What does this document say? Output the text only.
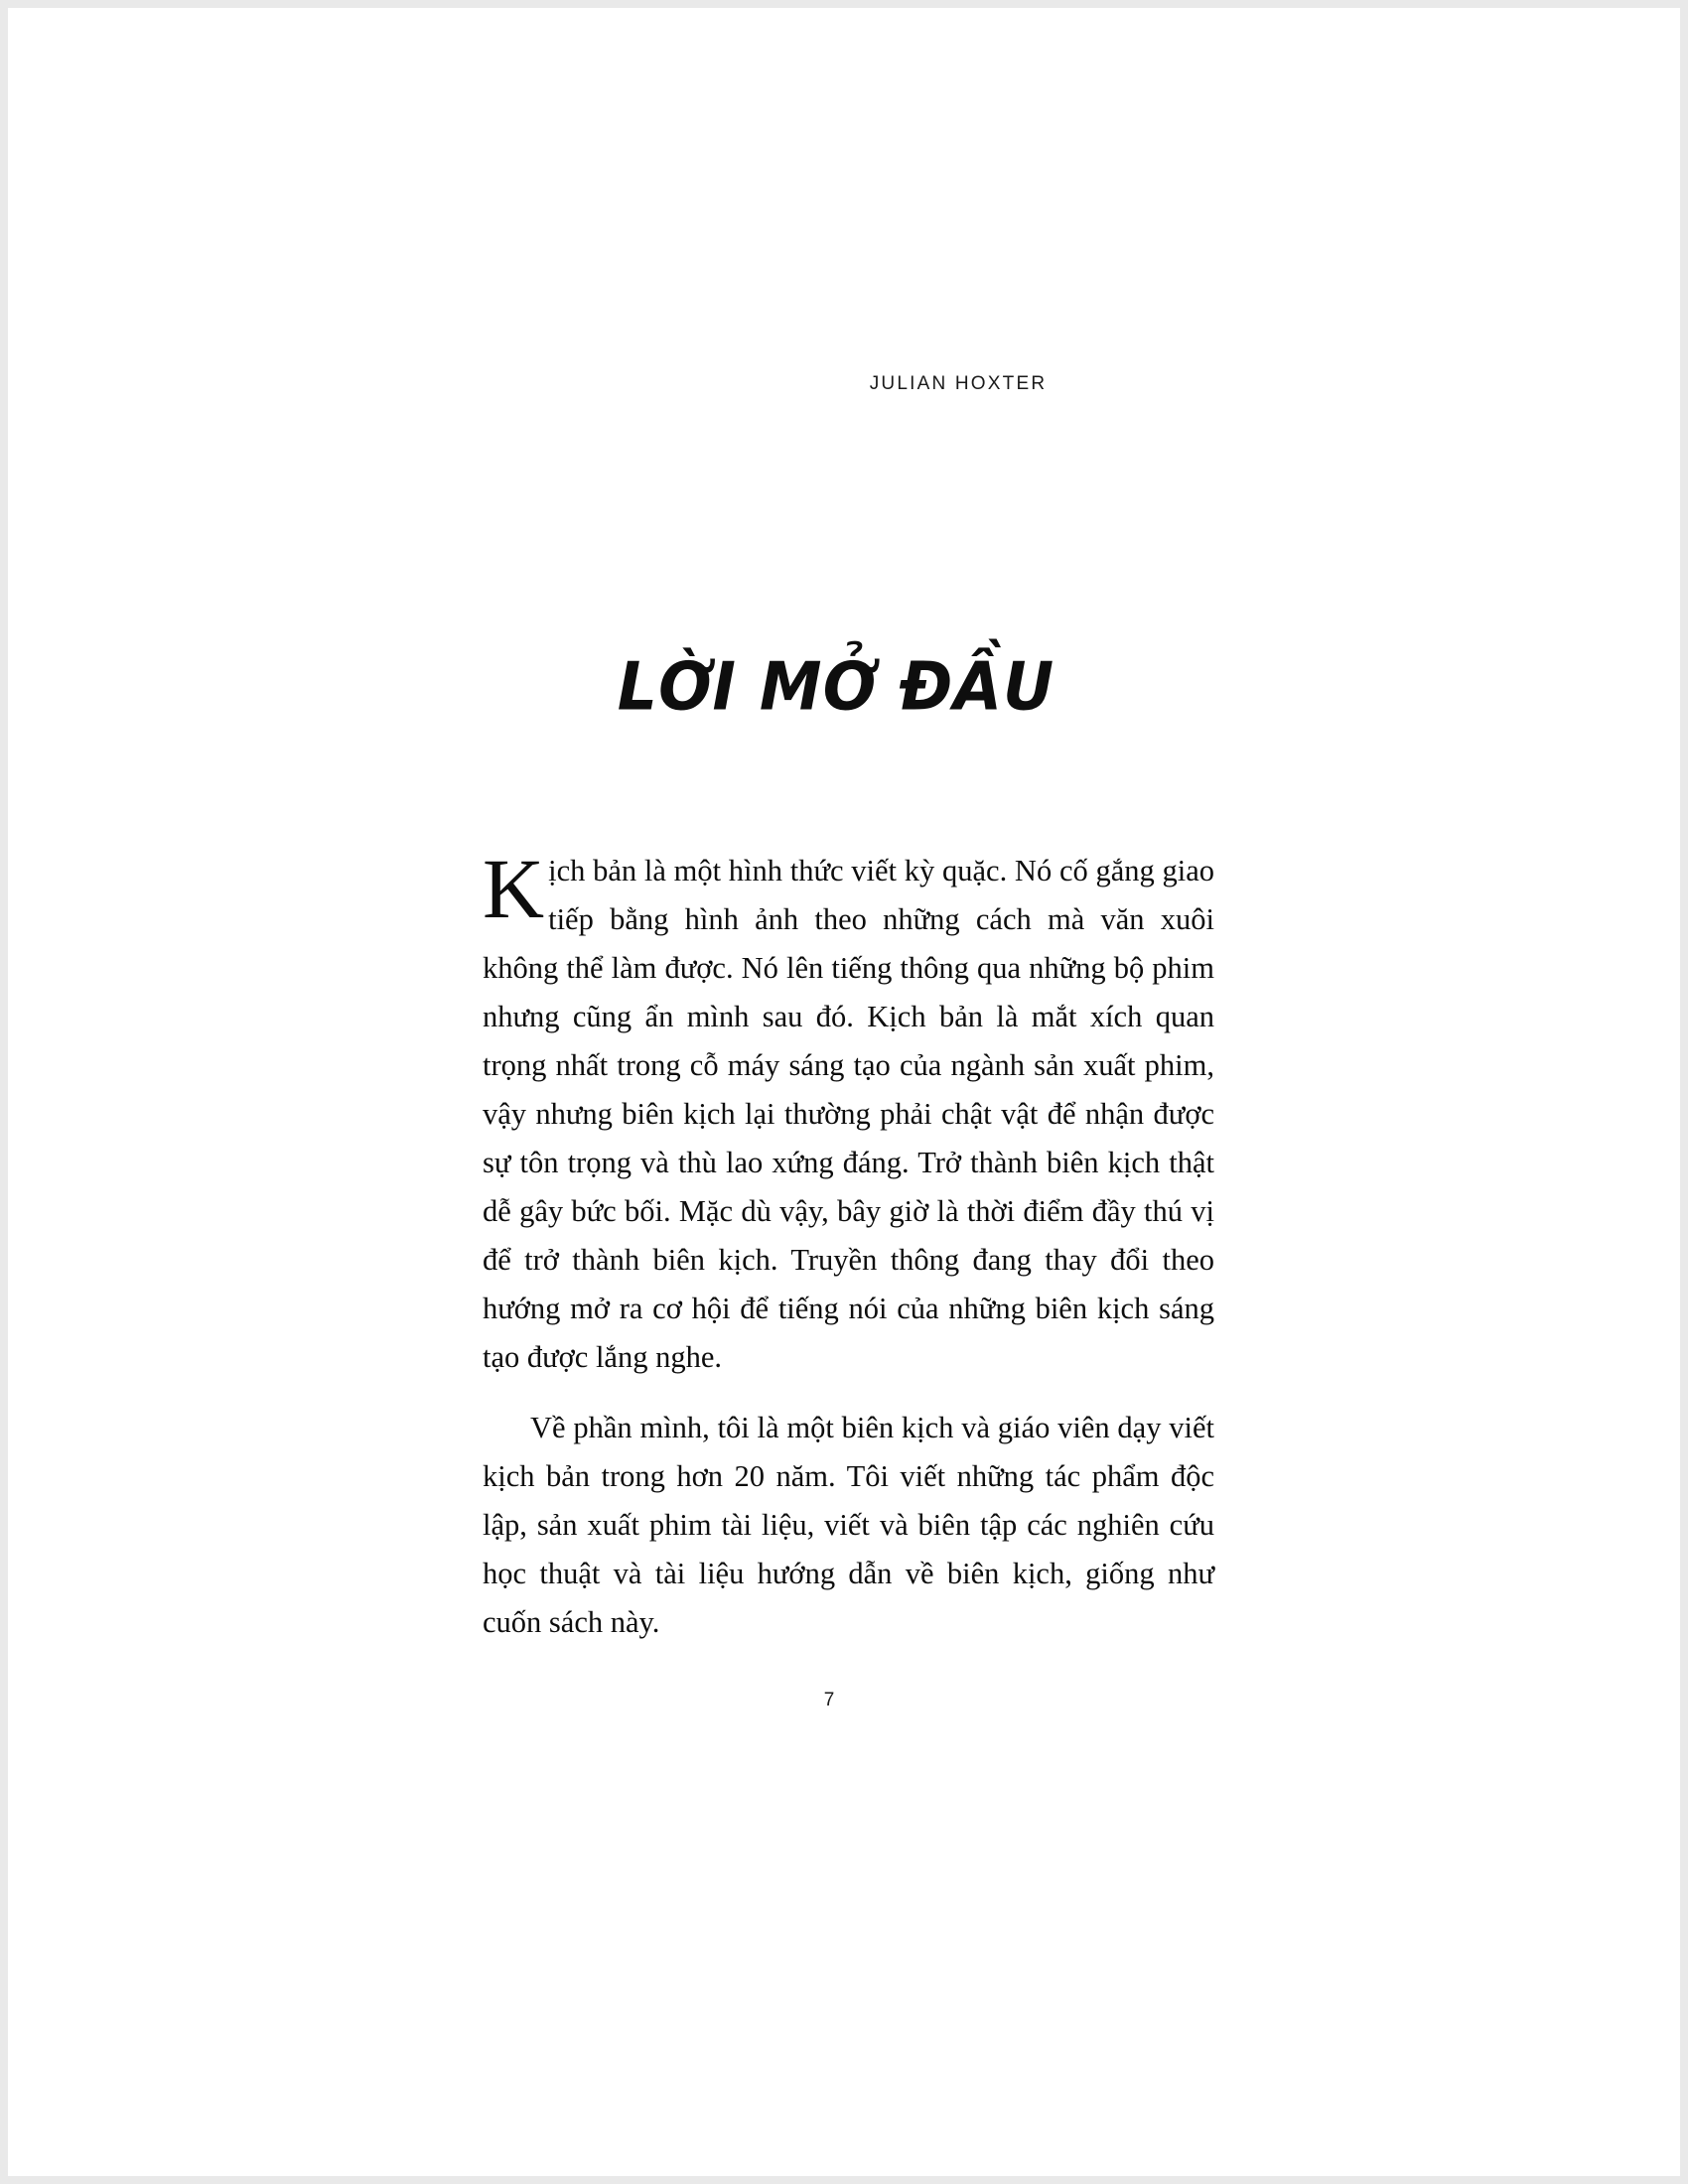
JULIAN HOXTER
LỜI MỞ ĐẦU

Kịch bản là một hình thức viết kỳ quặc. Nó cố gắng giao tiếp bằng hình ảnh theo những cách mà văn xuôi không thể làm được. Nó lên tiếng thông qua những bộ phim nhưng cũng ẩn mình sau đó. Kịch bản là mắt xích quan trọng nhất trong cỗ máy sáng tạo của ngành sản xuất phim, vậy nhưng biên kịch lại thường phải chật vật để nhận được sự tôn trọng và thù lao xứng đáng. Trở thành biên kịch thật dễ gây bức bối. Mặc dù vậy, bây giờ là thời điểm đầy thú vị để trở thành biên kịch. Truyền thông đang thay đổi theo hướng mở ra cơ hội để tiếng nói của những biên kịch sáng tạo được lắng nghe.

Về phần mình, tôi là một biên kịch và giáo viên dạy viết kịch bản trong hơn 20 năm. Tôi viết những tác phẩm độc lập, sản xuất phim tài liệu, viết và biên tập các nghiên cứu học thuật và tài liệu hướng dẫn về biên kịch, giống như cuốn sách này.

7
